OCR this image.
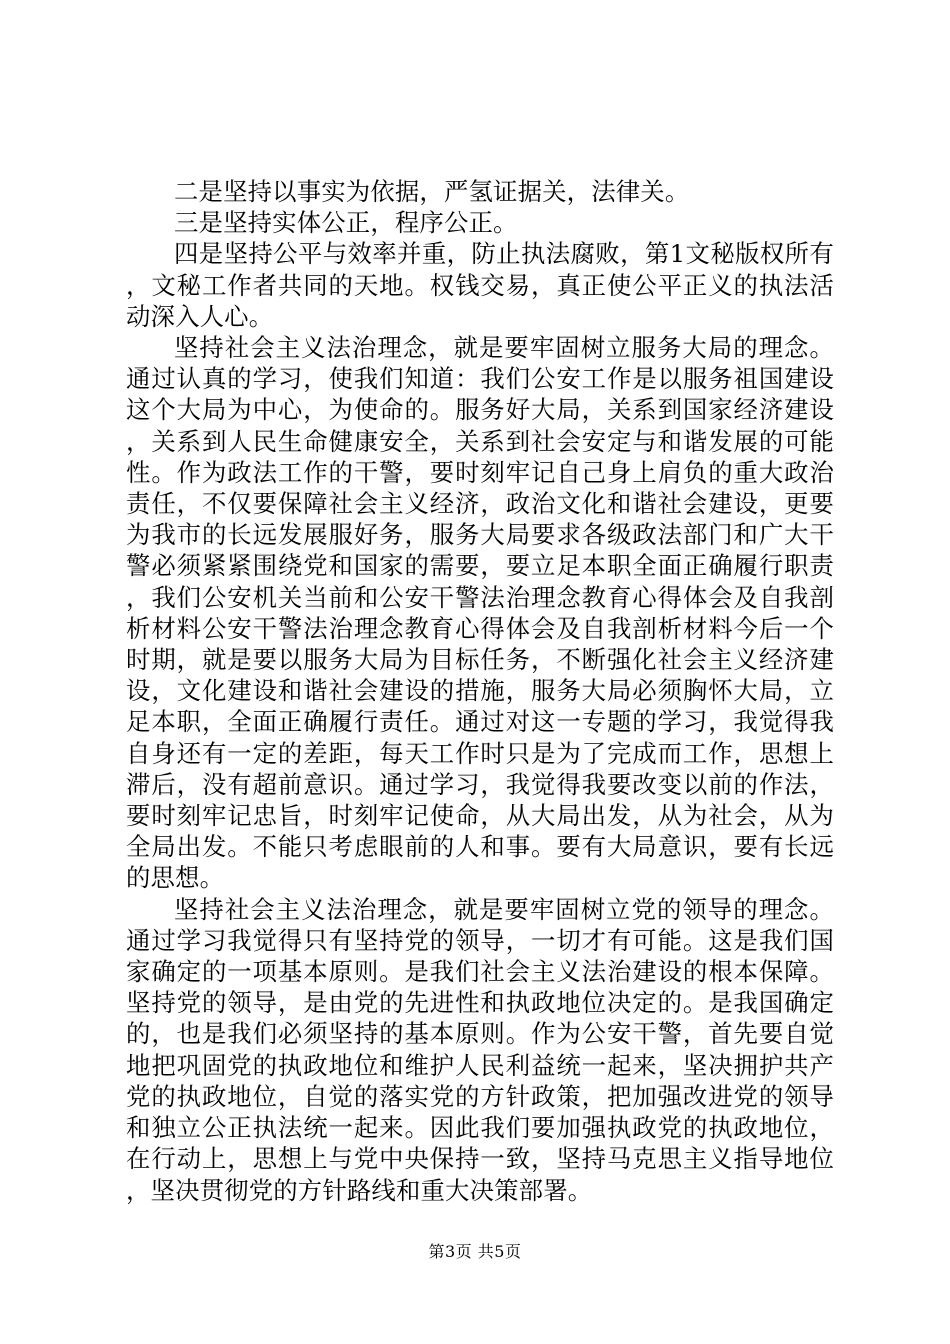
二是坚持以事实为依据，严氢证据关，法律关。

三是坚持实体公正，程序公正。

四是坚持公平与效率并重，防止执法腐败，第1文秘版权所有，文秘工作者共同的天地。权钱交易，真正使公平正义的执法活动深入人心。

坚持社会主义法治理念，就是要牢固树立服务大局的理念。通过认真的学习，使我们知道：我们公安工作是以服务祖国建设这个大局为中心，为使命的。服务好大局，关系到国家经济建设，关系到人民生命健康安全，关系到社会安定与和谐发展的可能性。作为政法工作的干警，要时刻牢记自己身上肩负的重大政治责任，不仅要保障社会主义经济，政治文化和谐社会建设，更要为我市的长远发展服好务，服务大局要求各级政法部门和广大干警必须紧紧围绕党和国家的需要，要立足本职全面正确履行职责，我们公安机关当前和公安干警法治理念教育心得体会及自我剖析材料公安干警法治理念教育心得体会及自我剖析材料今后一个时期，就是要以服务大局为目标任务，不断强化社会主义经济建设，文化建设和谐社会建设的措施，服务大局必须胸怀大局，立足本职，全面正确履行责任。通过对这一专题的学习，我觉得我自身还有一定的差距，每天工作时只是为了完成而工作，思想上滞后，没有超前意识。通过学习，我觉得我要改变以前的作法，要时刻牢记忠旨，时刻牢记使命，从大局出发，从为社会，从为全局出发。不能只考虑眼前的人和事。要有大局意识，要有长远的思想。

坚持社会主义法治理念，就是要牢固树立党的领导的理念。通过学习我觉得只有坚持党的领导，一切才有可能。这是我们国家确定的一项基本原则。是我们社会主义法治建设的根本保障。坚持党的领导，是由党的先进性和执政地位决定的。是我国确定的，也是我们必须坚持的基本原则。作为公安干警，首先要自觉地把巩固党的执政地位和维护人民利益统一起来，坚决拥护共产党的执政地位，自觉的落实党的方针政策，把加强改进党的领导和独立公正执法统一起来。因此我们要加强执政党的执政地位，在行动上，思想上与党中央保持一致，坚持马克思主义指导地位，坚决贯彻党的方针路线和重大决策部署。

第3页 共5页
